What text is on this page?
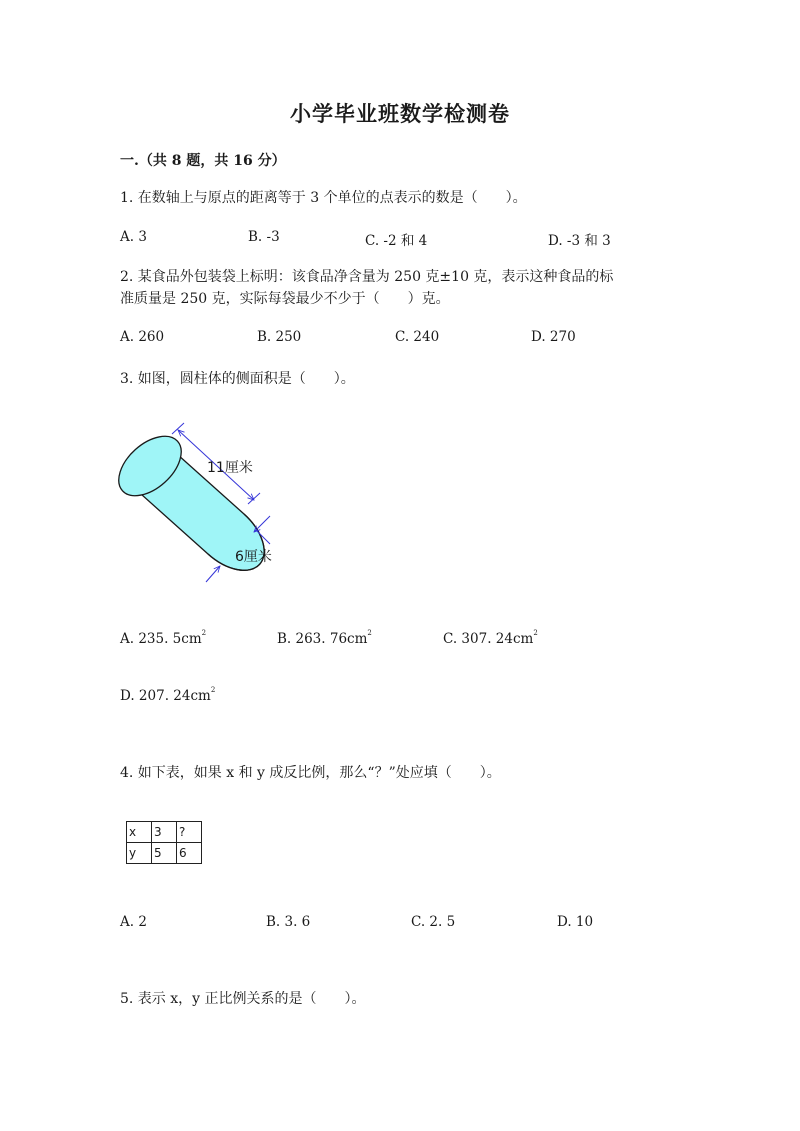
小学毕业班数学检测卷
一.（共 8 题，共 16 分）
1. 在数轴上与原点的距离等于 3 个单位的点表示的数是（　　）。
A. 3	B. -3	C. -2 和 4	D. -3 和 3
2. 某食品外包装袋上标明：该食品净含量为 250 克±10 克，表示这种食品的标
准质量是 250 克，实际每袋最少不少于（　　）克。
A. 260	B. 250	C. 240	D. 270
3. 如图，圆柱体的侧面积是（　　）。
11厘米
6厘米
A. 235. $5cm^2$	B. 263. $76cm^2$	C. 307. $24cm^2$
D. 207. $24cm^2$
4. 如下表，如果 x 和 y 成反比例，那么“？”处应填（　　）。
x	3	?
y	5	6
A. 2	B. 3. 6	C. 2. 5	D. 10
5. 表示 x，y 正比例关系的是（　　）。
